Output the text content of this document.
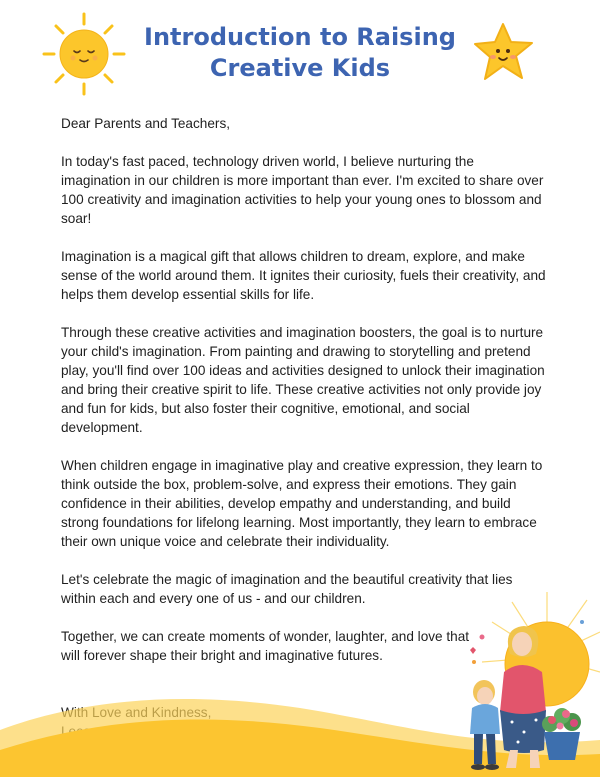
Introduction to Raising
Creative Kids

Dear Parents and Teachers,

In today's fast paced, technology driven world, I believe nurturing the imagination in our children is more important than ever. I'm excited to share over 100 creativity and imagination activities to help your young ones to blossom and soar!

Imagination is a magical gift that allows children to dream, explore, and make sense of the world around them. It ignites their curiosity, fuels their creativity, and helps them develop essential skills for life.

Through these creative activities and imagination boosters, the goal is to nurture your child's imagination. From painting and drawing to storytelling and pretend play, you'll find over 100 ideas and activities designed to unlock their imagination and bring their creative spirit to life. These creative activities not only provide joy and fun for kids, but also foster their cognitive, emotional, and social development.

When children engage in imaginative play and creative expression, they learn to think outside the box, problem-solve, and express their emotions. They gain confidence in their abilities, develop empathy and understanding, and build strong foundations for lifelong learning. Most importantly, they learn to embrace their own unique voice and celebrate their individuality.

Let's celebrate the magic of imagination and the beautiful creativity that lies within each and every one of us - and our children.

Together, we can create moments of wonder, laughter, and love that will forever shape their bright and imaginative futures.
